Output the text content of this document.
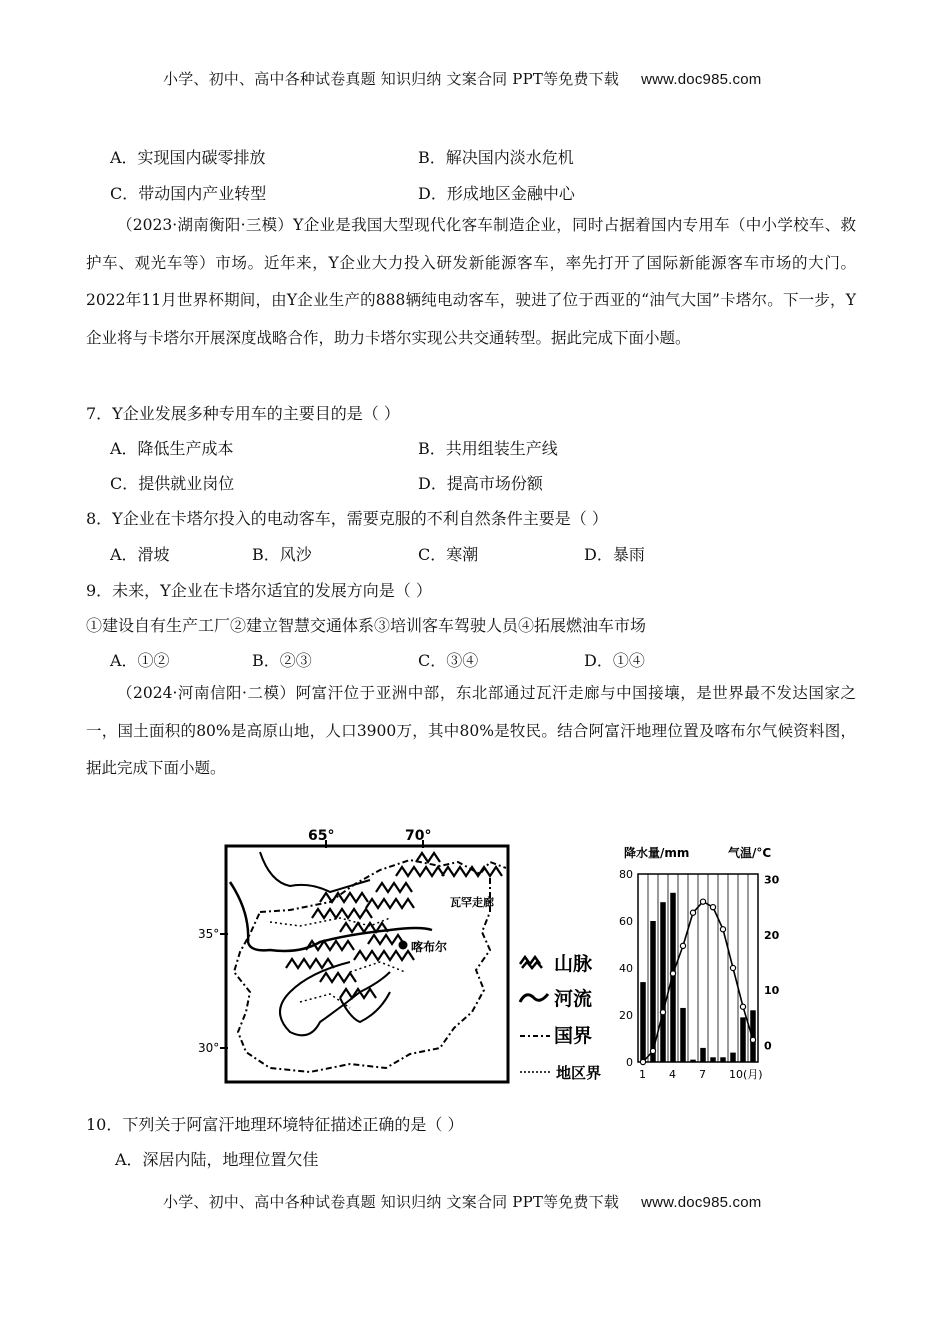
小学、初中、高中各种试卷真题 知识归纳 文案合同 PPT等免费下载 www.doc985.com
A．实现国内碳零排放	B．解决国内淡水危机
C．带动国内产业转型	D．形成地区金融中心
（2023·湖南衡阳·三模）Y企业是我国大型现代化客车制造企业，同时占据着国内专用车（中小学校车、救护车、观光车等）市场。近年来，Y企业大力投入研发新能源客车，率先打开了国际新能源客车市场的大门。2022年11月世界杯期间，由Y企业生产的888辆纯电动客车，驶进了位于西亚的“油气大国”卡塔尔。下一步，Y企业将与卡塔尔开展深度战略合作，助力卡塔尔实现公共交通转型。据此完成下面小题。
7．Y企业发展多种专用车的主要目的是（ ）
A．降低生产成本	B．共用组装生产线
C．提供就业岗位	D．提高市场份额
8．Y企业在卡塔尔投入的电动客车，需要克服的不利自然条件主要是（ ）
A．滑坡	B．风沙	C．寒潮	D．暴雨
9．未来，Y企业在卡塔尔适宜的发展方向是（ ）
①建设自有生产工厂②建立智慧交通体系③培训客车驾驶人员④拓展燃油车市场
A．①②	B．②③	C．③④	D．①④
（2024·河南信阳·二模）阿富汗位于亚洲中部，东北部通过瓦汗走廊与中国接壤，是世界最不发达国家之一，国土面积的80%是高原山地，人口3900万，其中80%是牧民。结合阿富汗地理位置及喀布尔气候资料图，据此完成下面小题。
65°	70°
35°
30°
喀布尔
瓦罕走廊
山脉
河流
国界
地区界
降水量/mm	气温/°C
0
20
40
60
80
0
10
20
30
1 4 7 10(月)
10．下列关于阿富汗地理环境特征描述正确的是（ ）
A．深居内陆，地理位置欠佳
小学、初中、高中各种试卷真题 知识归纳 文案合同 PPT等免费下载 www.doc985.com
